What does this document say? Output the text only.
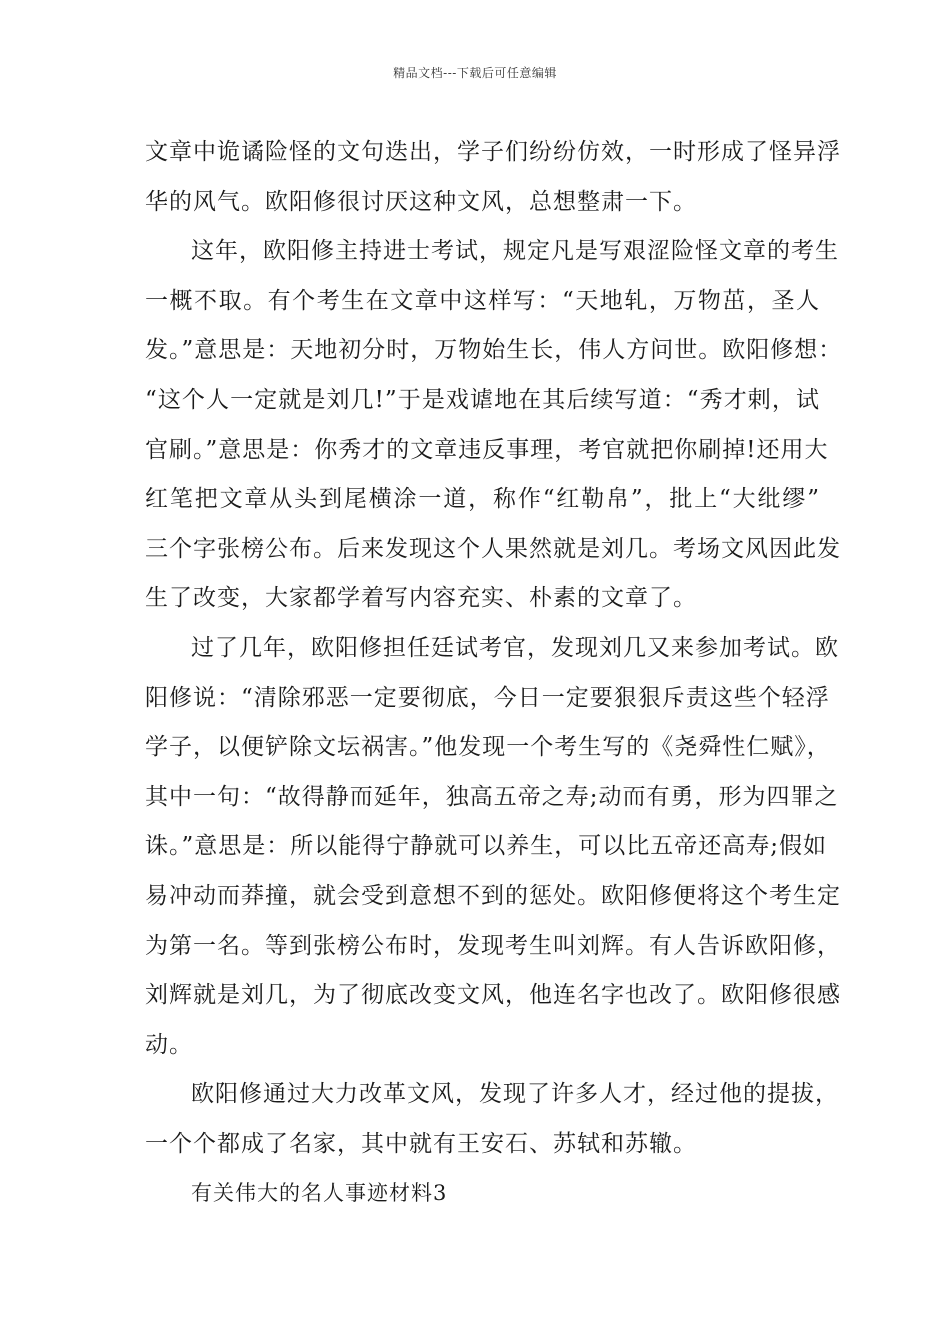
精品文档---下载后可任意编辑
文章中诡谲险怪的文句迭出，学子们纷纷仿效，一时形成了怪异浮
华的风气。欧阳修很讨厌这种文风，总想整肃一下。
这年，欧阳修主持进士考试，规定凡是写艰涩险怪文章的考生
一概不取。有个考生在文章中这样写：“天地轧，万物茁，圣人
发。”意思是：天地初分时，万物始生长，伟人方问世。欧阳修想：
“这个人一定就是刘几!”于是戏谑地在其后续写道：“秀才剌，试
官刷。”意思是：你秀才的文章违反事理，考官就把你刷掉!还用大
红笔把文章从头到尾横涂一道，称作“红勒帛”，批上“大纰缪”
三个字张榜公布。后来发现这个人果然就是刘几。考场文风因此发
生了改变，大家都学着写内容充实、朴素的文章了。
过了几年，欧阳修担任廷试考官，发现刘几又来参加考试。欧
阳修说：“清除邪恶一定要彻底，今日一定要狠狠斥责这些个轻浮
学子，以便铲除文坛祸害。”他发现一个考生写的《尧舜性仁赋》，
其中一句：“故得静而延年，独高五帝之寿;动而有勇，形为四罪之
诛。”意思是：所以能得宁静就可以养生，可以比五帝还高寿;假如
易冲动而莽撞，就会受到意想不到的惩处。欧阳修便将这个考生定
为第一名。等到张榜公布时，发现考生叫刘辉。有人告诉欧阳修，
刘辉就是刘几，为了彻底改变文风，他连名字也改了。欧阳修很感
动。
欧阳修通过大力改革文风，发现了许多人才，经过他的提拔，
一个个都成了名家，其中就有王安石、苏轼和苏辙。
有关伟大的名人事迹材料3
